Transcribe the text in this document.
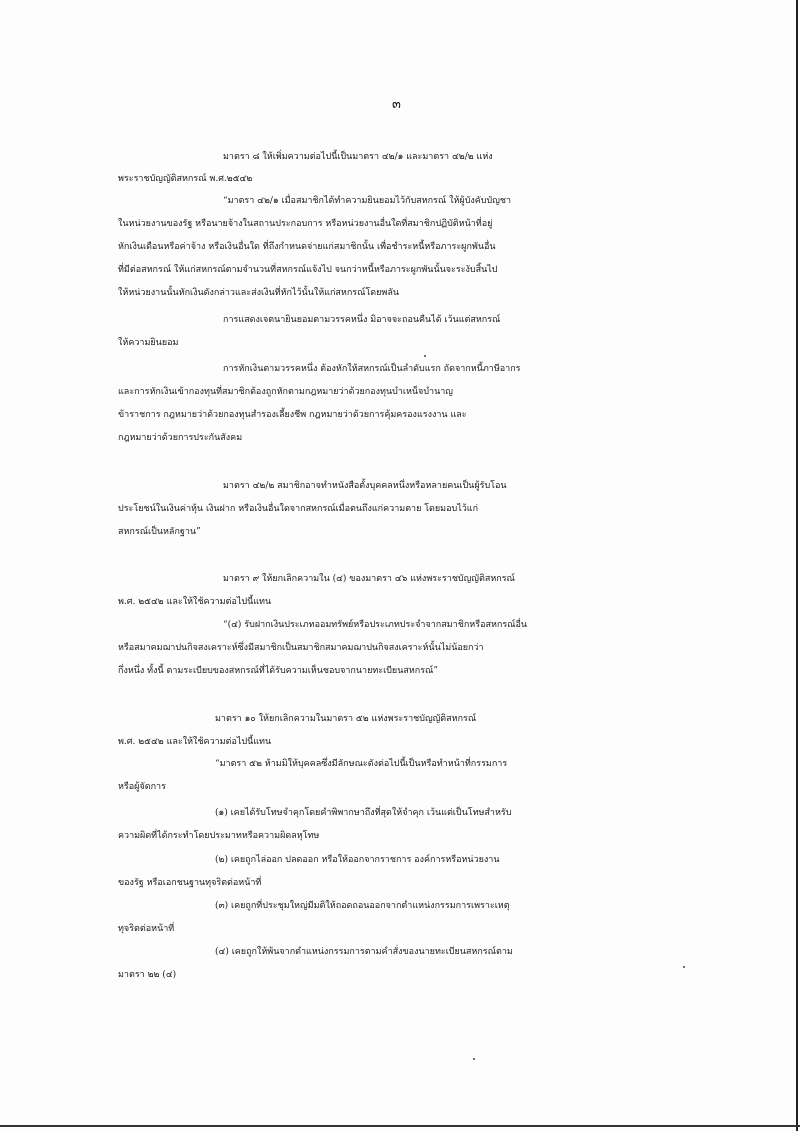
๓
มาตรา ๘ ให้เพิ่มความต่อไปนี้เป็นมาตรา ๔๒/๑ และมาตรา ๔๒/๒ แห่ง
พระราชบัญญัติสหกรณ์ พ.ศ.๒๕๔๒
“มาตรา ๔๒/๑ เมื่อสมาชิกได้ทำความยินยอมไว้กับสหกรณ์ ให้ผู้บังคับบัญชา
ในหน่วยงานของรัฐ หรือนายจ้างในสถานประกอบการ หรือหน่วยงานอื่นใดที่สมาชิกปฏิบัติหน้าที่อยู่
หักเงินเดือนหรือค่าจ้าง หรือเงินอื่นใด ที่ถึงกำหนดจ่ายแก่สมาชิกนั้น เพื่อชำระหนี้หรือภาระผูกพันอื่น
ที่มีต่อสหกรณ์ ให้แก่สหกรณ์ตามจำนวนที่สหกรณ์แจ้งไป จนกว่าหนี้หรือภาระผูกพันนั้นจะระงับสิ้นไป
ให้หน่วยงานนั้นหักเงินดังกล่าวและส่งเงินที่หักไว้นั้นให้แก่สหกรณ์โดยพลัน
การแสดงเจตนายินยอมตามวรรคหนึ่ง มิอาจจะถอนคืนได้ เว้นแต่สหกรณ์
ให้ความยินยอม
การหักเงินตามวรรคหนึ่ง ต้องหักให้สหกรณ์เป็นลำดับแรก ถัดจากหนี้ภาษีอากร
และการหักเงินเข้ากองทุนที่สมาชิกต้องถูกหักตามกฎหมายว่าด้วยกองทุนบำเหน็จบำนาญ
ข้าราชการ กฎหมายว่าด้วยกองทุนสำรองเลี้ยงชีพ กฎหมายว่าด้วยการคุ้มครองแรงงาน และ
กฎหมายว่าด้วยการประกันสังคม
มาตรา ๔๒/๒ สมาชิกอาจทำหนังสือตั้งบุคคลหนึ่งหรือหลายคนเป็นผู้รับโอน
ประโยชน์ในเงินค่าหุ้น เงินฝาก หรือเงินอื่นใดจากสหกรณ์เมื่อตนถึงแก่ความตาย โดยมอบไว้แก่
สหกรณ์เป็นหลักฐาน”
มาตรา ๙ ให้ยกเลิกความใน (๔) ของมาตรา ๔๖ แห่งพระราชบัญญัติสหกรณ์
พ.ศ. ๒๕๔๒ และให้ใช้ความต่อไปนี้แทน
“(๔) รับฝากเงินประเภทออมทรัพย์หรือประเภทประจำจากสมาชิกหรือสหกรณ์อื่น
หรือสมาคมฌาปนกิจสงเคราะห์ซึ่งมีสมาชิกเป็นสมาชิกสมาคมฌาปนกิจสงเคราะห์นั้นไม่น้อยกว่า
กึ่งหนึ่ง ทั้งนี้ ตามระเบียบของสหกรณ์ที่ได้รับความเห็นชอบจากนายทะเบียนสหกรณ์”
มาตรา ๑๐ ให้ยกเลิกความในมาตรา ๕๒ แห่งพระราชบัญญัติสหกรณ์
พ.ศ. ๒๕๔๒ และให้ใช้ความต่อไปนี้แทน
“มาตรา ๕๒ ห้ามมิให้บุคคลซึ่งมีลักษณะดังต่อไปนี้เป็นหรือทำหน้าที่กรรมการ
หรือผู้จัดการ
(๑) เคยได้รับโทษจำคุกโดยคำพิพากษาถึงที่สุดให้จำคุก เว้นแต่เป็นโทษสำหรับ
ความผิดที่ได้กระทำโดยประมาทหรือความผิดลหุโทษ
(๒) เคยถูกไล่ออก ปลดออก หรือให้ออกจากราชการ องค์การหรือหน่วยงาน
ของรัฐ หรือเอกชนฐานทุจริตต่อหน้าที่
(๓) เคยถูกที่ประชุมใหญ่มีมติให้ถอดถอนออกจากตำแหน่งกรรมการเพราะเหตุ
ทุจริตต่อหน้าที่
(๔) เคยถูกให้พ้นจากตำแหน่งกรรมการตามคำสั่งของนายทะเบียนสหกรณ์ตาม
มาตรา ๒๒ (๔)
